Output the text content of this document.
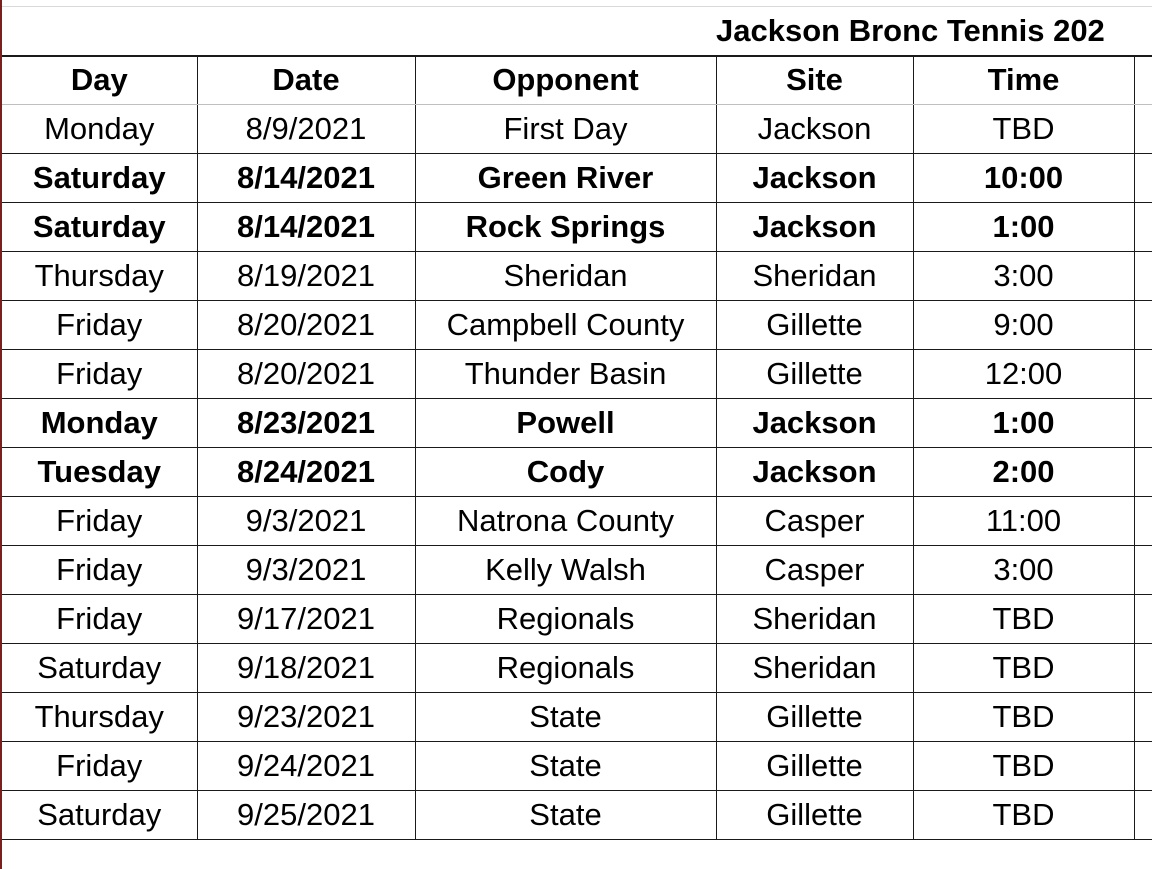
Jackson Bronc Tennis 202
Day	Date	Opponent	Site	Time	
Monday	8/9/2021	First Day	Jackson	TBD	
Saturday	8/14/2021	Green River	Jackson	10:00	
Saturday	8/14/2021	Rock Springs	Jackson	1:00	
Thursday	8/19/2021	Sheridan	Sheridan	3:00	
Friday	8/20/2021	Campbell County	Gillette	9:00	
Friday	8/20/2021	Thunder Basin	Gillette	12:00	
Monday	8/23/2021	Powell	Jackson	1:00	
Tuesday	8/24/2021	Cody	Jackson	2:00	
Friday	9/3/2021	Natrona County	Casper	11:00	
Friday	9/3/2021	Kelly Walsh	Casper	3:00	
Friday	9/17/2021	Regionals	Sheridan	TBD	
Saturday	9/18/2021	Regionals	Sheridan	TBD	
Thursday	9/23/2021	State	Gillette	TBD	
Friday	9/24/2021	State	Gillette	TBD	
Saturday	9/25/2021	State	Gillette	TBD	
